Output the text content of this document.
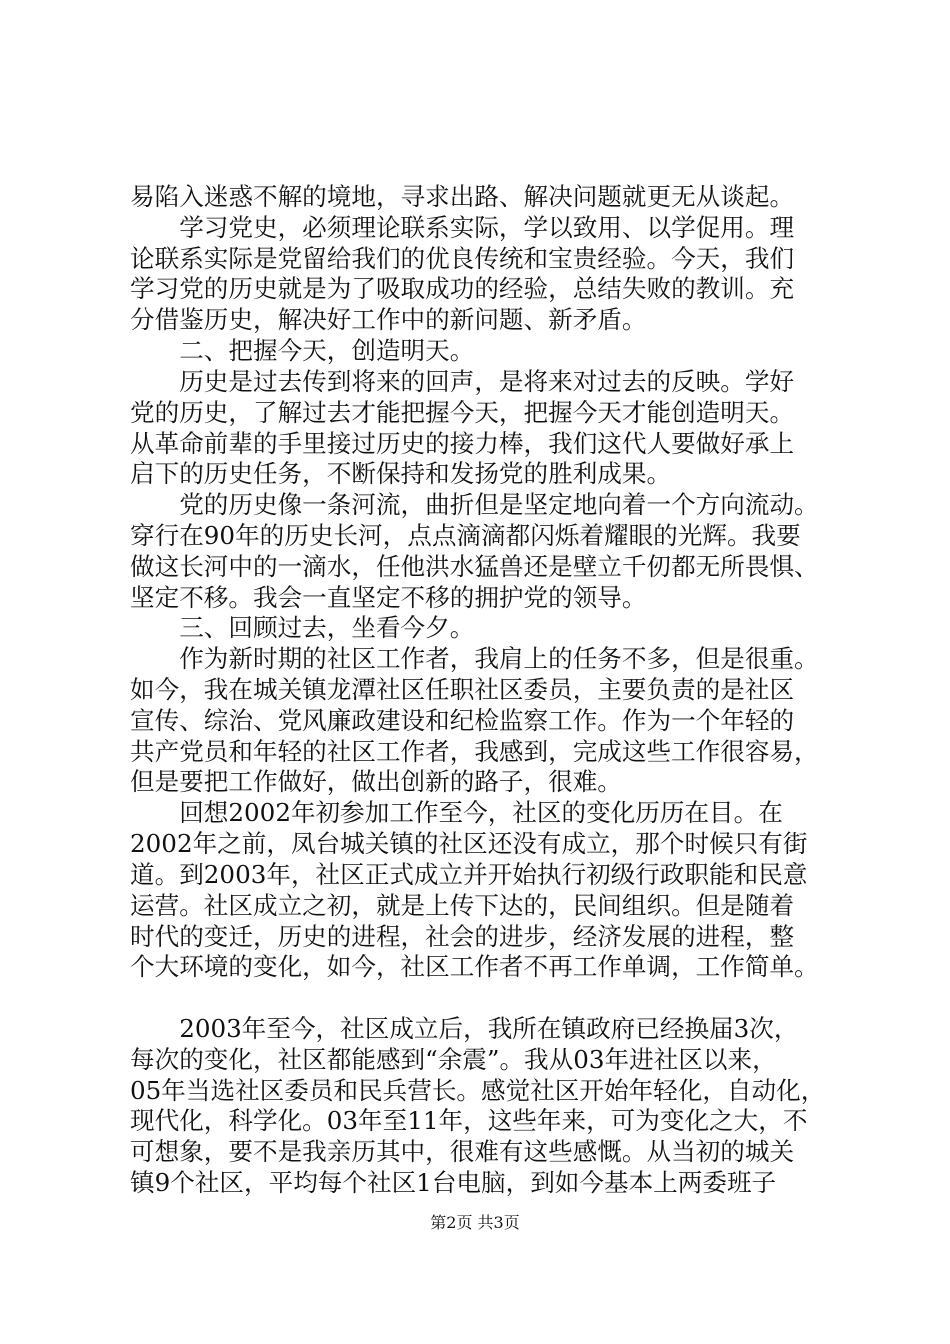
易陷入迷惑不解的境地，寻求出路、解决问题就更无从谈起。
　　学习党史，必须理论联系实际，学以致用、以学促用。理
论联系实际是党留给我们的优良传统和宝贵经验。今天，我们
学习党的历史就是为了吸取成功的经验，总结失败的教训。充
分借鉴历史，解决好工作中的新问题、新矛盾。
　　二、把握今天，创造明天。
　　历史是过去传到将来的回声，是将来对过去的反映。学好
党的历史，了解过去才能把握今天，把握今天才能创造明天。
从革命前辈的手里接过历史的接力棒，我们这代人要做好承上
启下的历史任务，不断保持和发扬党的胜利成果。
　　党的历史像一条河流，曲折但是坚定地向着一个方向流动。
穿行在90年的历史长河，点点滴滴都闪烁着耀眼的光辉。我要
做这长河中的一滴水，任他洪水猛兽还是壁立千仞都无所畏惧、
坚定不移。我会一直坚定不移的拥护党的领导。
　　三、回顾过去，坐看今夕。
　　作为新时期的社区工作者，我肩上的任务不多，但是很重。
如今，我在城关镇龙潭社区任职社区委员，主要负责的是社区
宣传、综治、党风廉政建设和纪检监察工作。作为一个年轻的
共产党员和年轻的社区工作者，我感到，完成这些工作很容易，
但是要把工作做好，做出创新的路子，很难。
　　回想2002年初参加工作至今，社区的变化历历在目。在
2002年之前，凤台城关镇的社区还没有成立，那个时候只有街
道。到2003年，社区正式成立并开始执行初级行政职能和民意
运营。社区成立之初，就是上传下达的，民间组织。但是随着
时代的变迁，历史的进程，社会的进步，经济发展的进程，整
个大环境的变化，如今，社区工作者不再工作单调，工作简单。
　　2003年至今，社区成立后，我所在镇政府已经换届3次，
每次的变化，社区都能感到“余震”。我从03年进社区以来，
05年当选社区委员和民兵营长。感觉社区开始年轻化，自动化，
现代化，科学化。03年至11年，这些年来，可为变化之大，不
可想象，要不是我亲历其中，很难有这些感慨。从当初的城关
镇9个社区，平均每个社区1台电脑，到如今基本上两委班子
第2页 共3页
